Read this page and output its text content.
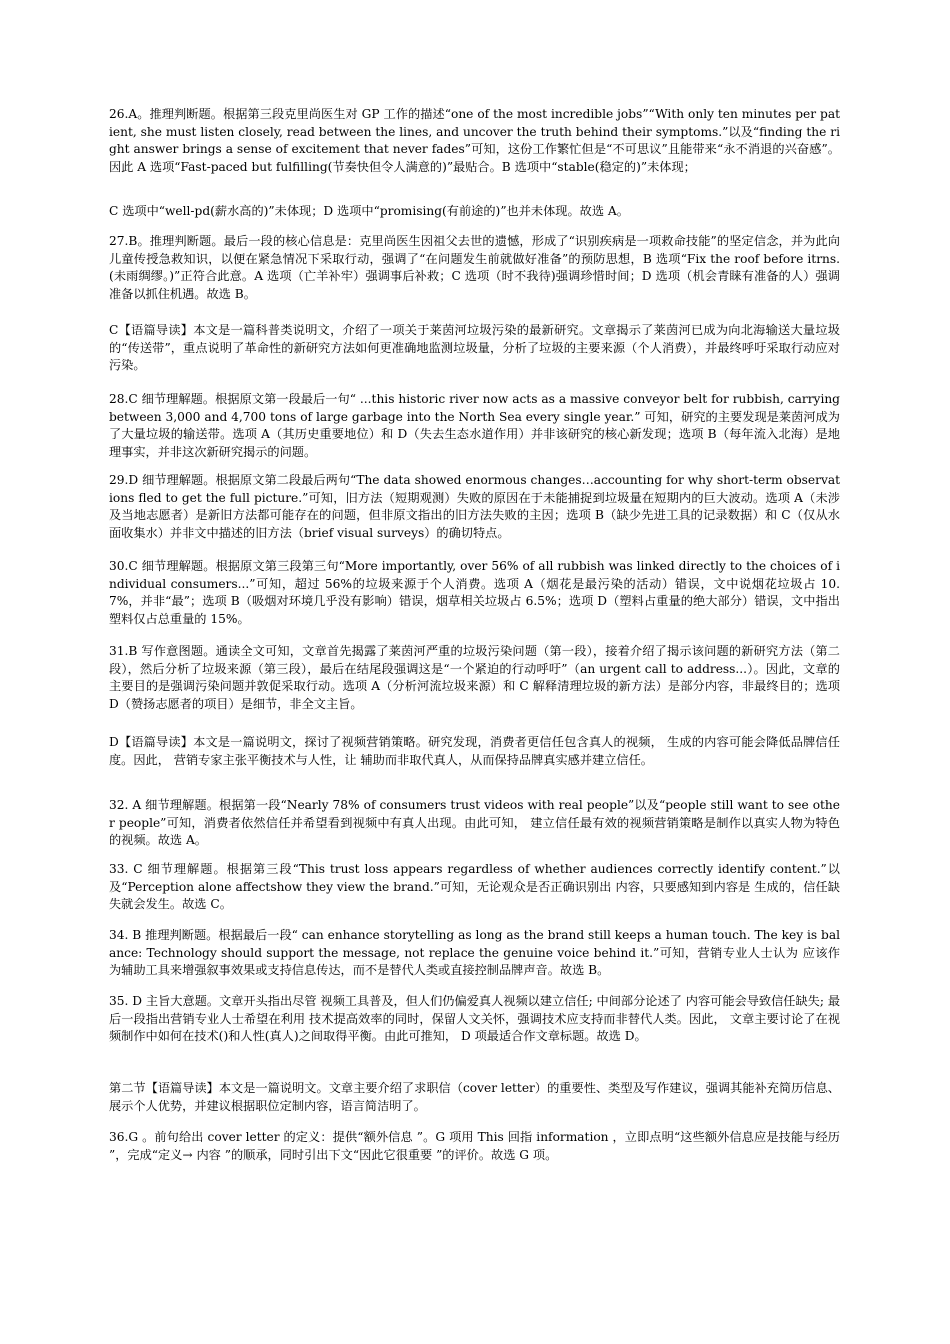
26.A。推理判断题。根据第三段克里尚医生对 GP 工作的描述“one of the most incredible jobs”“With only ten minutes per patient, she must listen closely, read between the lines, and uncover the truth behind their symptoms.”以及“finding the right answer brings a sense of excitement that never fades”可知，这份工作繁忙但是“不可思议”且能带来“永不消退的兴奋感”。因此 A 选项“Fast-paced but fulfilling(节奏快但令人满意的)”最贴合。B 选项中“stable(稳定的)”未体现；

C 选项中“well-pd(薪水高的)”未体现；D 选项中“promising(有前途的)”也并未体现。故选 A。

27.B。推理判断题。最后一段的核心信息是：克里尚医生因祖父去世的遗憾，形成了“识别疾病是一项救命技能”的坚定信念，并为此向儿童传授急救知识，以便在紧急情况下采取行动，强调了“在问题发生前就做好准备”的预防思想，B 选项“Fix the roof before itrns.(未雨绸缪。)”正符合此意。A 选项（亡羊补牢）强调事后补救；C 选项（时不我待)强调珍惜时间；D 选项（机会青睐有准备的人）强调准备以抓住机遇。故选 B。

C【语篇导读】本文是一篇科普类说明文，介绍了一项关于莱茵河垃圾污染的最新研究。文章揭示了莱茵河已成为向北海输送大量垃圾的“传送带”，重点说明了革命性的新研究方法如何更准确地监测垃圾量，分析了垃圾的主要来源（个人消费），并最终呼吁采取行动应对污染。

28.C 细节理解题。根据原文第一段最后一句“ ...this historic river now acts as a massive conveyor belt for rubbish, carrying between 3,000 and 4,700 tons of large garbage into the North Sea every single year.” 可知，研究的主要发现是莱茵河成为了大量垃圾的输送带。选项 A（其历史重要地位）和 D（失去生态水道作用）并非该研究的核心新发现；选项 B（每年流入北海）是地理事实，并非这次新研究揭示的问题。

29.D 细节理解题。根据原文第二段最后两句“The data showed enormous changes…accounting for why short-term observations fled to get the full picture.”可知，旧方法（短期观测）失败的原因在于未能捕捉到垃圾量在短期内的巨大波动。选项 A（未涉及当地志愿者）是新旧方法都可能存在的问题，但非原文指出的旧方法失败的主因；选项 B（缺少先进工具的记录数据）和 C（仅从水面收集水）并非文中描述的旧方法（brief visual surveys）的确切特点。

30.C 细节理解题。根据原文第三段第三句“More importantly, over 56% of all rubbish was linked directly to the choices of individual consumers...”可知，超过 56%的垃圾来源于个人消费。选项 A（烟花是最污染的活动）错误，文中说烟花垃圾占 10.7%，并非“最”；选项 B（吸烟对环境几乎没有影响）错误，烟草相关垃圾占 6.5%；选项 D（塑料占重量的绝大部分）错误，文中指出塑料仅占总重量的 15%。

31.B 写作意图题。通读全文可知，文章首先揭露了莱茵河严重的垃圾污染问题（第一段），接着介绍了揭示该问题的新研究方法（第二段），然后分析了垃圾来源（第三段），最后在结尾段强调这是“一个紧迫的行动呼吁”（an urgent call to address...）。因此，文章的主要目的是强调污染问题并敦促采取行动。选项 A（分析河流垃圾来源）和 C 解释清理垃圾的新方法）是部分内容，非最终目的；选项 D（赞扬志愿者的项目）是细节，非全文主旨。

D【语篇导读】本文是一篇说明文，探讨了视频营销策略。研究发现，消费者更信任包含真人的视频， 生成的内容可能会降低品牌信任度。因此， 营销专家主张平衡技术与人性，让 辅助而非取代真人，从而保持品牌真实感并建立信任。

32. A 细节理解题。根据第一段“Nearly 78% of consumers trust videos with real people”以及“people still want to see other people”可知，消费者依然信任并希望看到视频中有真人出现。由此可知， 建立信任最有效的视频营销策略是制作以真实人物为特色的视频。故选 A。

33. C 细节理解题。根据第三段“This trust loss appears regardless of whether audiences correctly identify content.”以及“Perception alone affectshow they view the brand.”可知，无论观众是否正确识别出 内容，只要感知到内容是 生成的，信任缺失就会发生。故选 C。

34. B 推理判断题。根据最后一段“ can enhance storytelling as long as the brand still keeps a human touch. The key is balance: Technology should support the message, not replace the genuine voice behind it.”可知，营销专业人士认为 应该作为辅助工具来增强叙事效果或支持信息传达，而不是替代人类或直接控制品牌声音。故选 B。

35. D 主旨大意题。文章开头指出尽管 视频工具普及，但人们仍偏爱真人视频以建立信任; 中间部分论述了 内容可能会导致信任缺失; 最后一段指出营销专业人士希望在利用 技术提高效率的同时，保留人文关怀，强调技术应支持而非替代人类。因此， 文章主要讨论了在视频制作中如何在技术()和人性(真人)之间取得平衡。由此可推知， D 项最适合作文章标题。故选 D。

第二节【语篇导读】本文是一篇说明文。文章主要介绍了求职信（cover letter）的重要性、类型及写作建议，强调其能补充简历信息、展示个人优势，并建议根据职位定制内容，语言简洁明了。

36.G 。前句给出 cover letter 的定义：提供“额外信息 ”。G 项用 This 回指 information ，立即点明“这些额外信息应是技能与经历 ”，完成“定义→ 内容 ”的顺承，同时引出下文“因此它很重要 ”的评价。故选 G 项。
